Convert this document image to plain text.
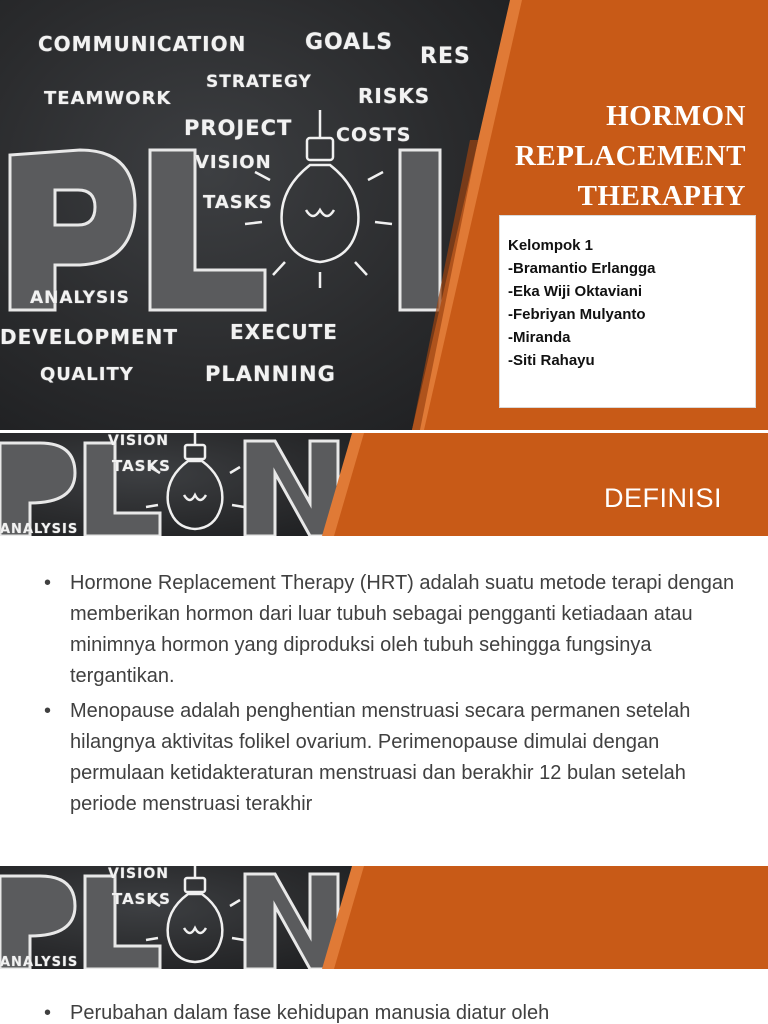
COMMUNICATION	GOALS
RES
TEAMWORK
STRATEGY
RISKS
PROJECT COSTS
VISION
TASKS
ANALYSIS
DEVELOPMENT	EXECUTE
QUALITY	PLANNING
HORMON
REPLACEMENT
THERAPHY
Kelompok 1
-Bramantio Erlangga
-Eka Wiji Oktaviani
-Febriyan Mulyanto
-Miranda
-Siti Rahayu
VISION
TASKS
ANALYSIS
DEFINISI
• Hormone Replacement Therapy (HRT) adalah suatu metode terapi dengan memberikan hormon dari luar tubuh sebagai pengganti ketiadaan atau minimnya hormon yang diproduksi oleh tubuh sehingga fungsinya tergantikan.
• Menopause adalah penghentian menstruasi secara permanen setelah hilangnya aktivitas folikel ovarium. Perimenopause dimulai dengan permulaan ketidakteraturan menstruasi dan berakhir 12 bulan setelah periode menstruasi terakhir
VISION
TASKS
ANALYSIS
• Perubahan dalam fase kehidupan manusia diatur oleh
